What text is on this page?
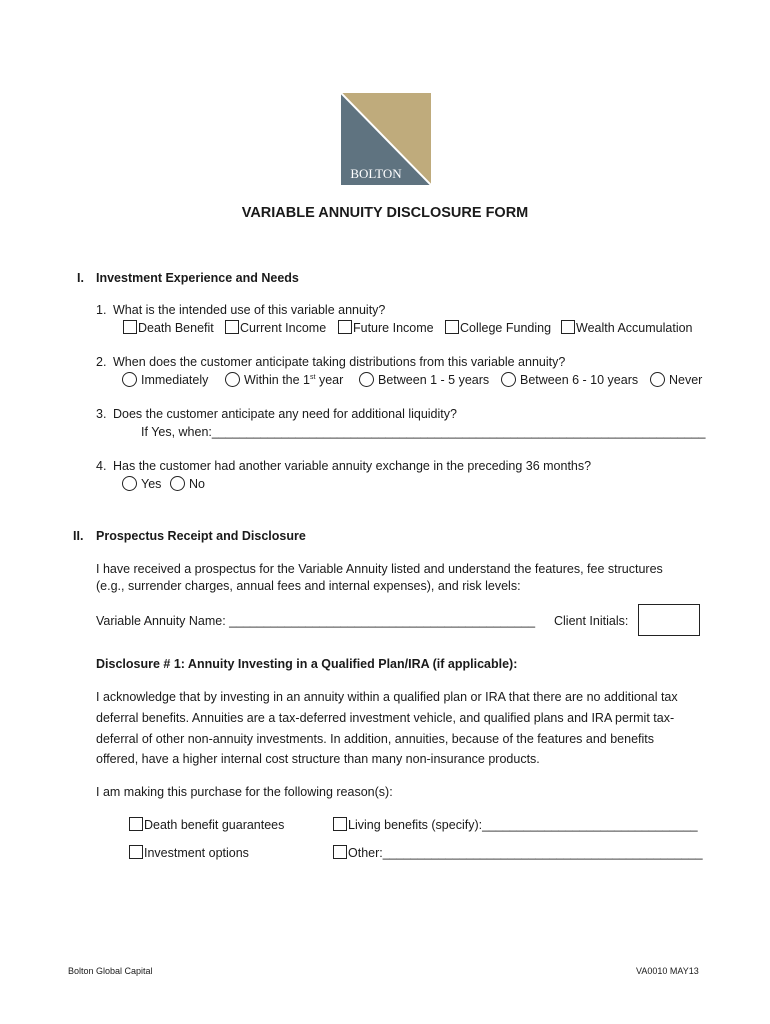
BOLTON
VARIABLE ANNUITY DISCLOSURE FORM
I. Investment Experience and Needs
1. What is the intended use of this variable annuity?
Death Benefit	Current Income	Future Income	College Funding	Wealth Accumulation
2. When does the customer anticipate taking distributions from this variable annuity?
Immediately	Within the 1st year	Between 1 - 5 years	Between 6 - 10 years	Never
3. Does the customer anticipate any need for additional liquidity?
If Yes, when:_______________________________________________________________________
4. Has the customer had another variable annuity exchange in the preceding 36 months?
Yes	No
II. Prospectus Receipt and Disclosure
I have received a prospectus for the Variable Annuity listed and understand the features, fee structures
(e.g., surrender charges, annual fees and internal expenses), and risk levels:
Variable Annuity Name: ____________________________________________ Client Initials:
Disclosure # 1: Annuity Investing in a Qualified Plan/IRA (if applicable):
I acknowledge that by investing in an annuity within a qualified plan or IRA that there are no additional tax
deferral benefits. Annuities are a tax-deferred investment vehicle, and qualified plans and IRA permit tax-
deferral of other non-annuity investments. In addition, annuities, because of the features and benefits
offered, have a higher internal cost structure than many non-insurance products.
I am making this purchase for the following reason(s):
Death benefit guarantees	Living benefits (specify):_______________________________
Investment options	Other:______________________________________________
Bolton Global Capital	VA0010 MAY13
